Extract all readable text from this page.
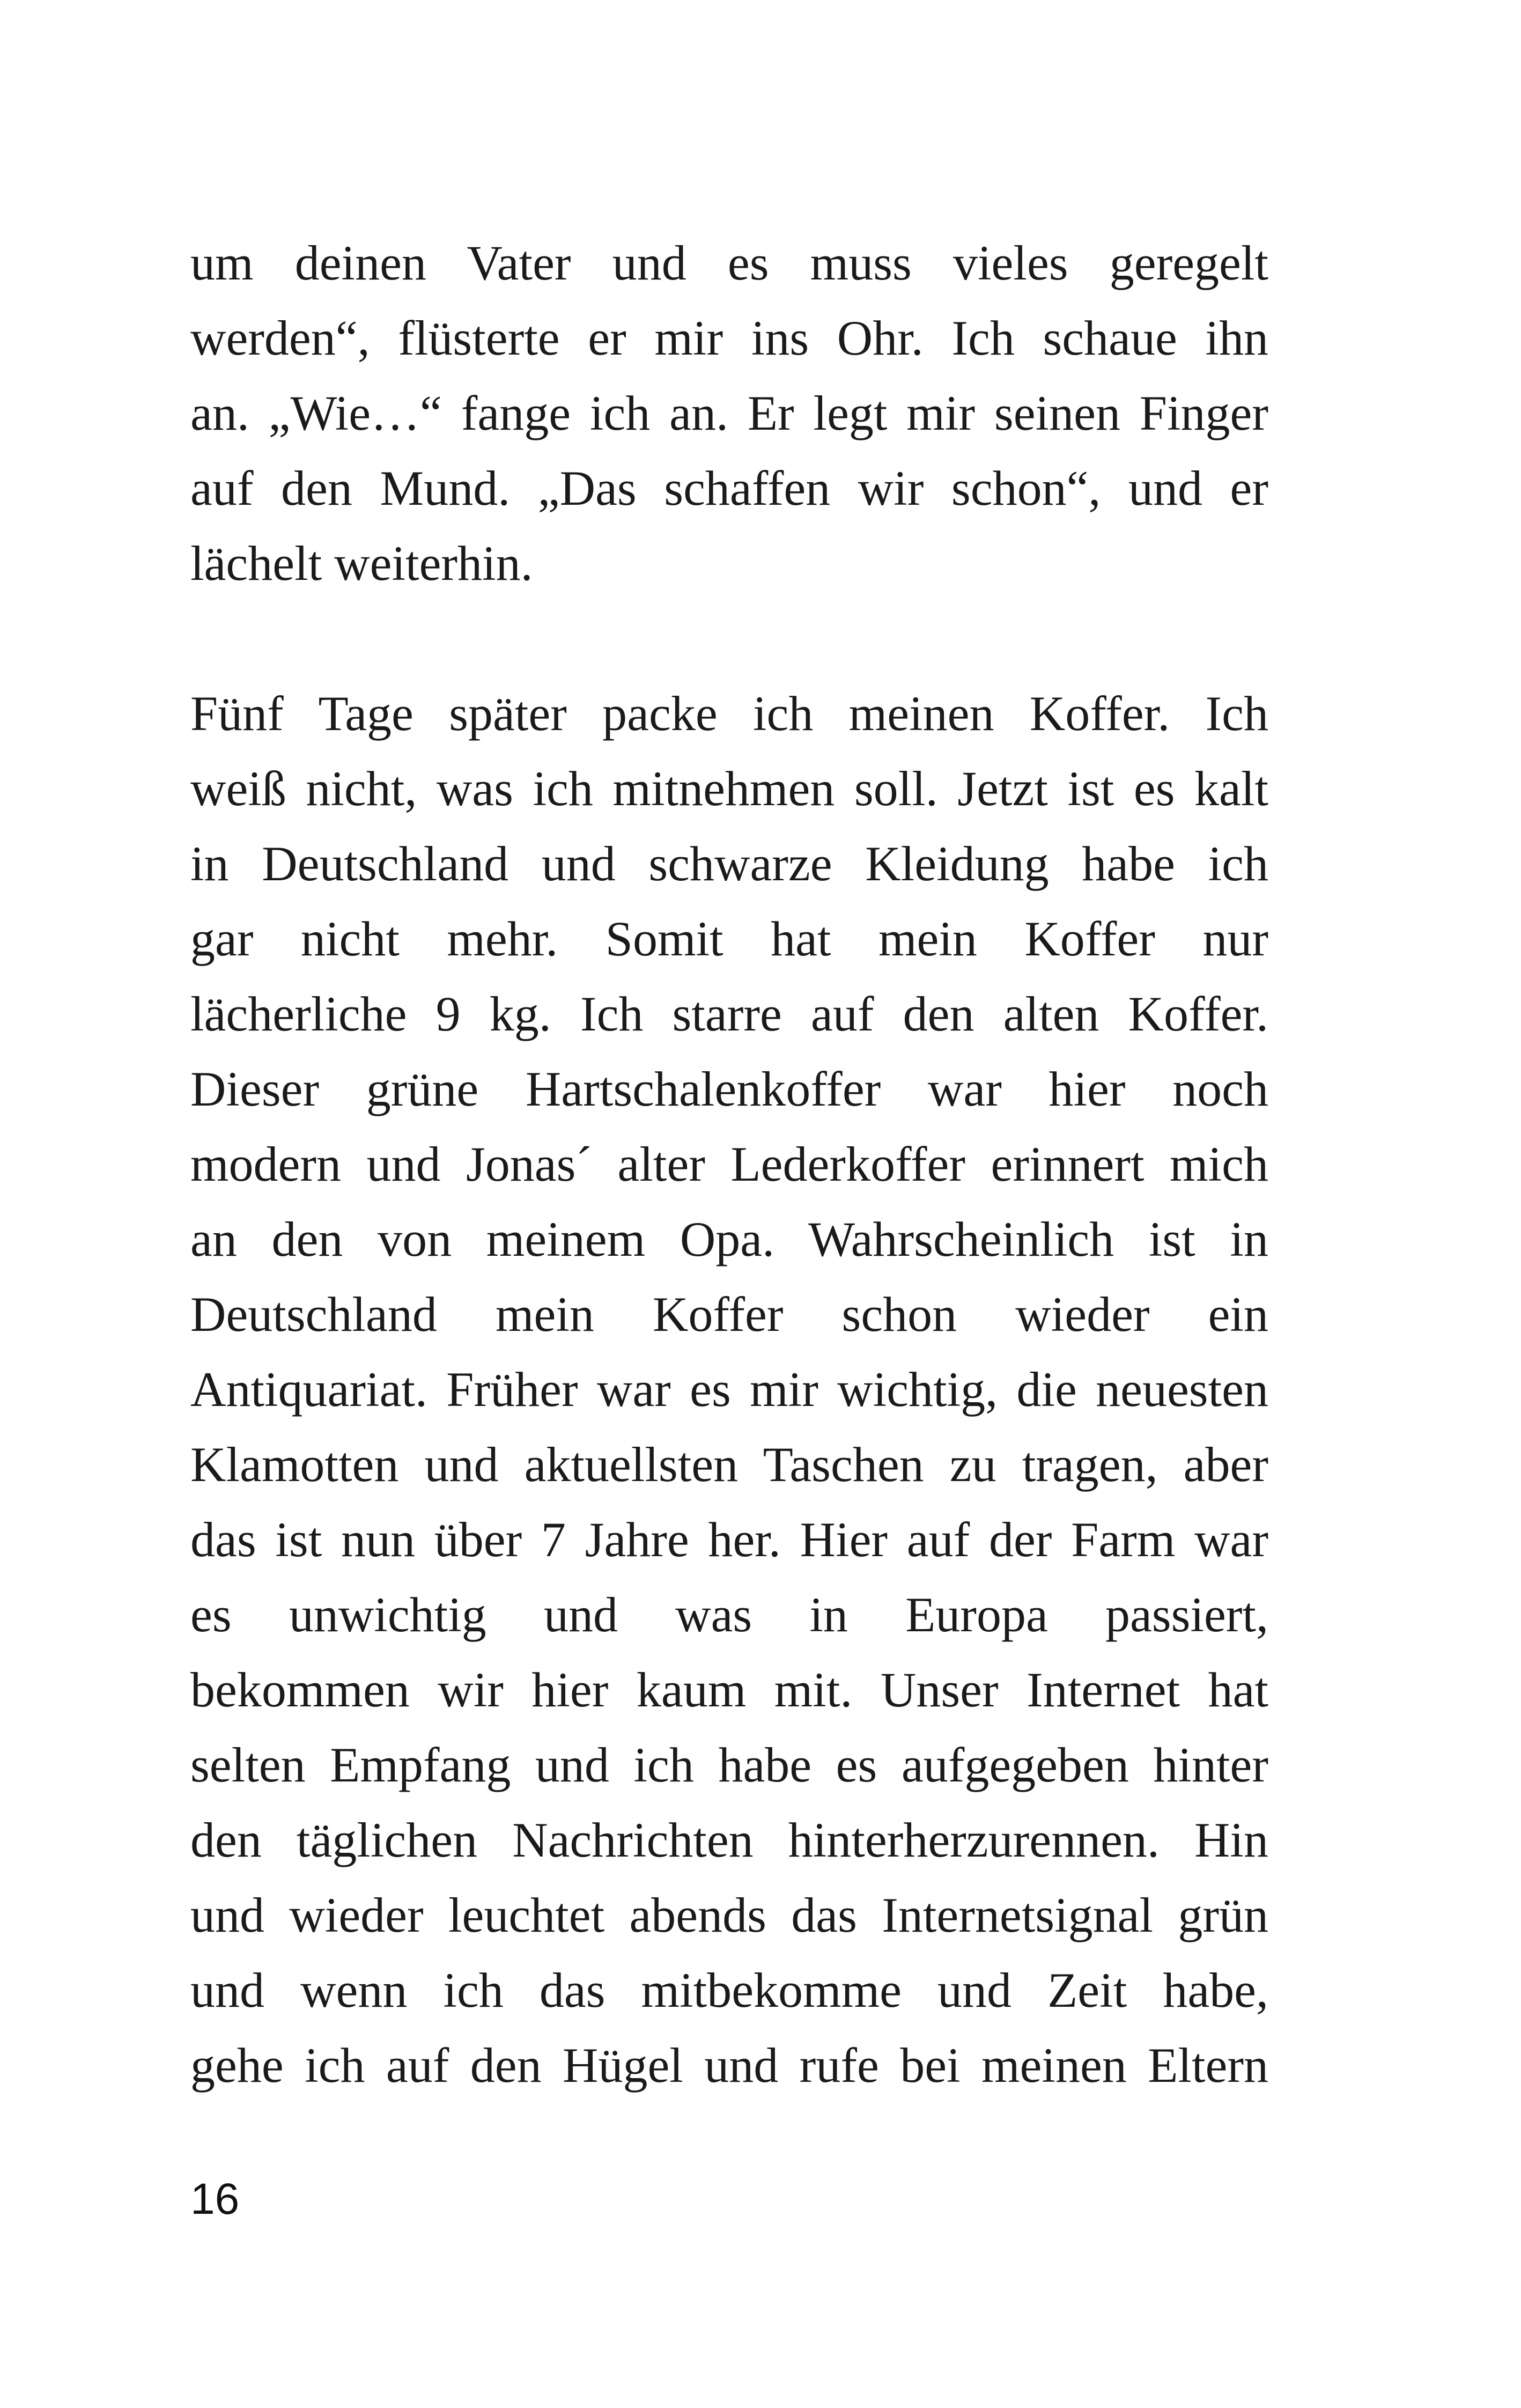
um deinen Vater und es muss vieles geregelt
werden“, flüsterte er mir ins Ohr. Ich schaue ihn
an. „Wie…“ fange ich an. Er legt mir seinen Finger
auf den Mund. „Das schaffen wir schon“, und er
lächelt weiterhin.
Fünf Tage später packe ich meinen Koffer. Ich
weiß nicht, was ich mitnehmen soll. Jetzt ist es kalt
in Deutschland und schwarze Kleidung habe ich
gar nicht mehr. Somit hat mein Koffer nur
lächerliche 9 kg. Ich starre auf den alten Koffer.
Dieser grüne Hartschalenkoffer war hier noch
modern und Jonas´ alter Lederkoffer erinnert mich
an den von meinem Opa. Wahrscheinlich ist in
Deutschland mein Koffer schon wieder ein
Antiquariat. Früher war es mir wichtig, die neuesten
Klamotten und aktuellsten Taschen zu tragen, aber
das ist nun über 7 Jahre her. Hier auf der Farm war
es unwichtig und was in Europa passiert,
bekommen wir hier kaum mit. Unser Internet hat
selten Empfang und ich habe es aufgegeben hinter
den täglichen Nachrichten hinterherzurennen. Hin
und wieder leuchtet abends das Internetsignal grün
und wenn ich das mitbekomme und Zeit habe,
gehe ich auf den Hügel und rufe bei meinen Eltern
16
